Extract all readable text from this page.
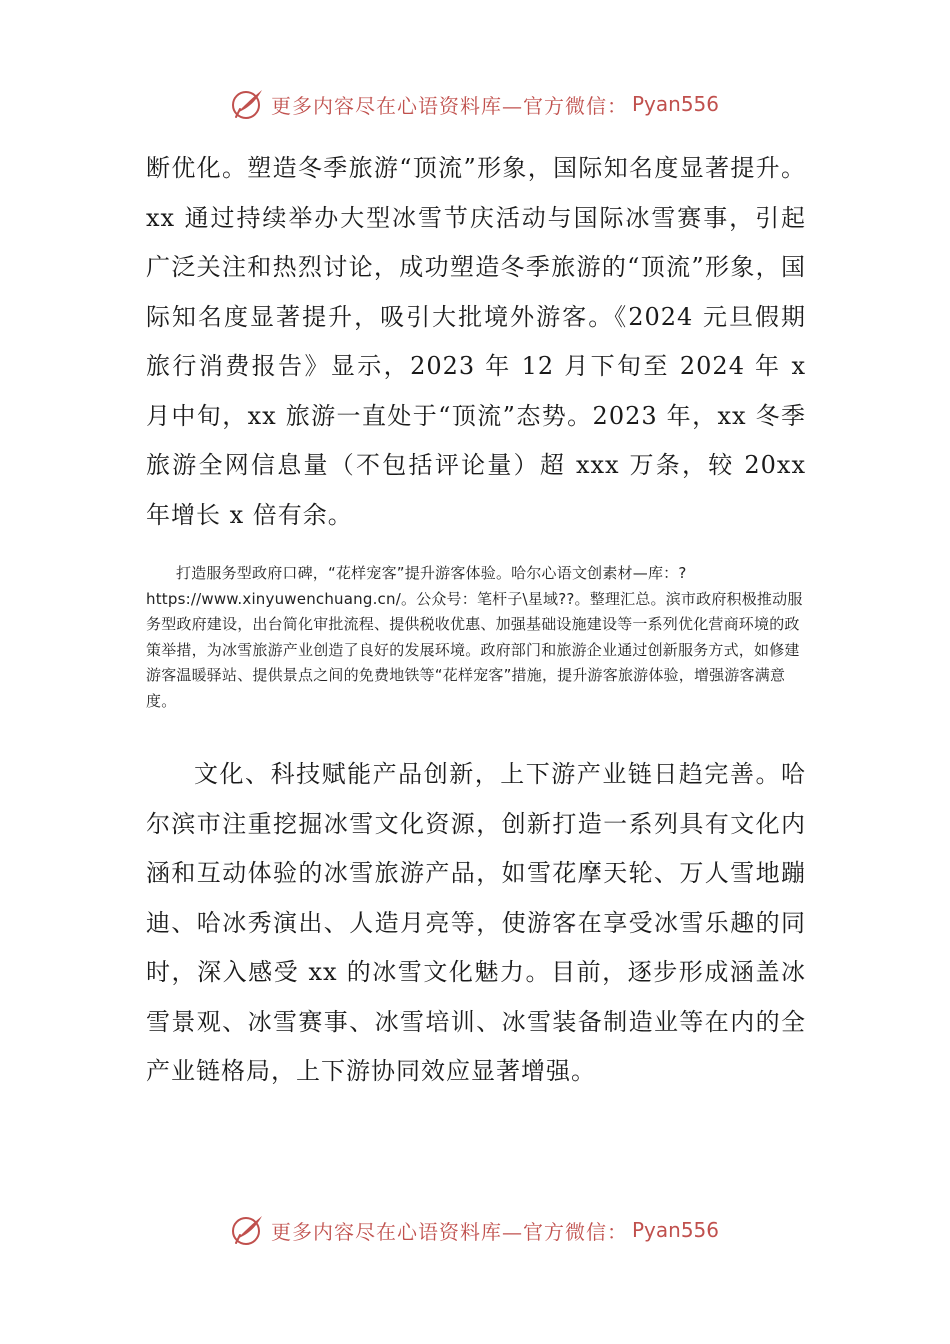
更多内容尽在心语资料库—官方微信： Pyan556

断优化。塑造冬季旅游“顶流”形象，国际知名度显著提升。xx 通过持续举办大型冰雪节庆活动与国际冰雪赛事，引起广泛关注和热烈讨论，成功塑造冬季旅游的“顶流”形象，国际知名度显著提升，吸引大批境外游客。《2024 元旦假期旅行消费报告》显示，2023 年 12 月下旬至 2024 年 x 月中旬，xx 旅游一直处于“顶流”态势。2023 年，xx 冬季旅游全网信息量（不包括评论量）超 xxx 万条，较 20xx 年增长 x 倍有余。

打造服务型政府口碑，“花样宠客”提升游客体验。哈尔心语文创素材—库：?https://www.xinyuwenchuang.cn/。公众号：笔杆子\星域??。整理汇总。滨市政府积极推动服务型政府建设，出台简化审批流程、提供税收优惠、加强基础设施建设等一系列优化营商环境的政策举措，为冰雪旅游产业创造了良好的发展环境。政府部门和旅游企业通过创新服务方式，如修建游客温暖驿站、提供景点之间的免费地铁等“花样宠客”措施，提升游客旅游体验，增强游客满意度。

文化、科技赋能产品创新，上下游产业链日趋完善。哈尔滨市注重挖掘冰雪文化资源，创新打造一系列具有文化内涵和互动体验的冰雪旅游产品，如雪花摩天轮、万人雪地蹦迪、哈冰秀演出、人造月亮等，使游客在享受冰雪乐趣的同时，深入感受 xx 的冰雪文化魅力。目前，逐步形成涵盖冰雪景观、冰雪赛事、冰雪培训、冰雪装备制造业等在内的全产业链格局，上下游协同效应显著增强。

更多内容尽在心语资料库—官方微信： Pyan556
